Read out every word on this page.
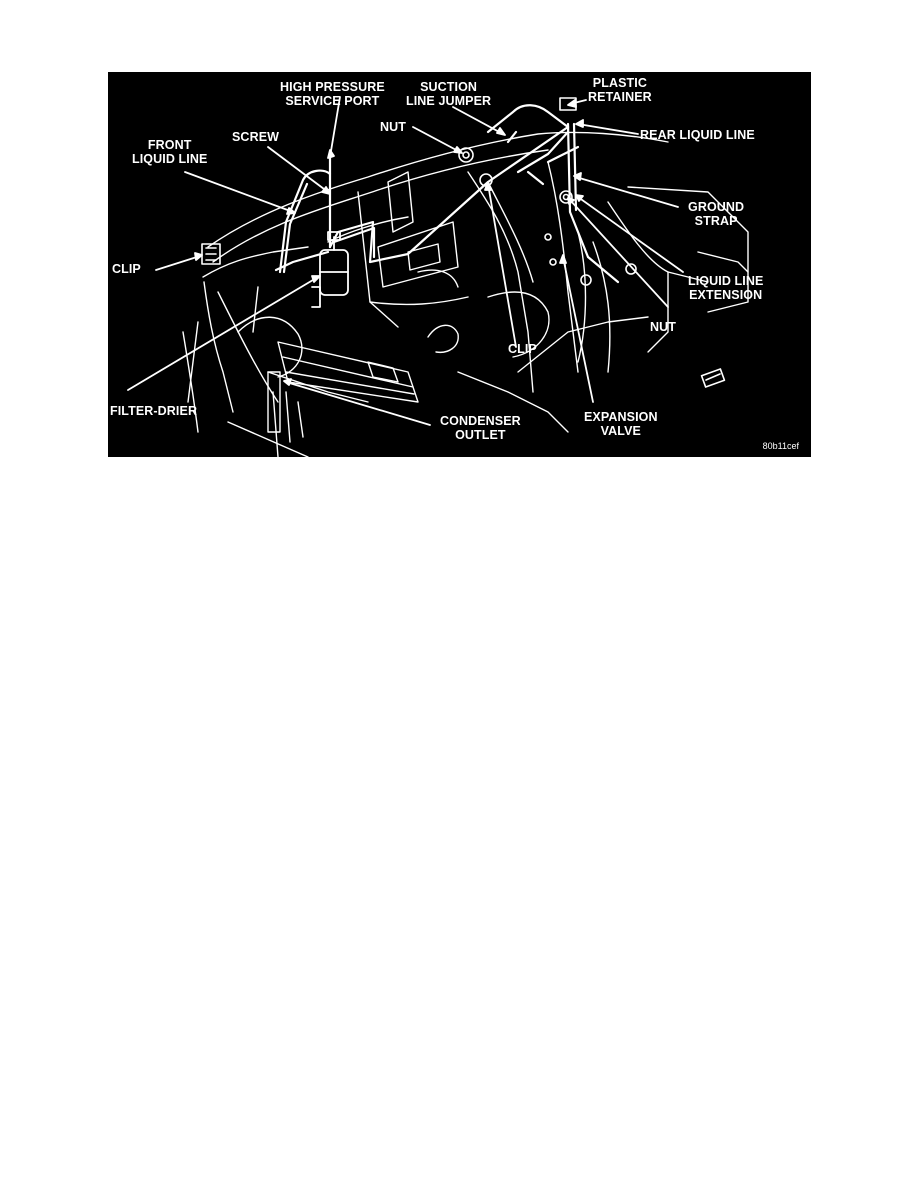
HIGH PRESSURE
SERVICE PORT
SUCTION
LINE JUMPER
PLASTIC
RETAINER
FRONT
LIQUID LINE
SCREW
NUT
REAR LIQUID LINE
GROUND
STRAP
CLIP
LIQUID LINE
EXTENSION
NUT
CLIP
FILTER-DRIER
CONDENSER
OUTLET
EXPANSION
VALVE
80b11cef
